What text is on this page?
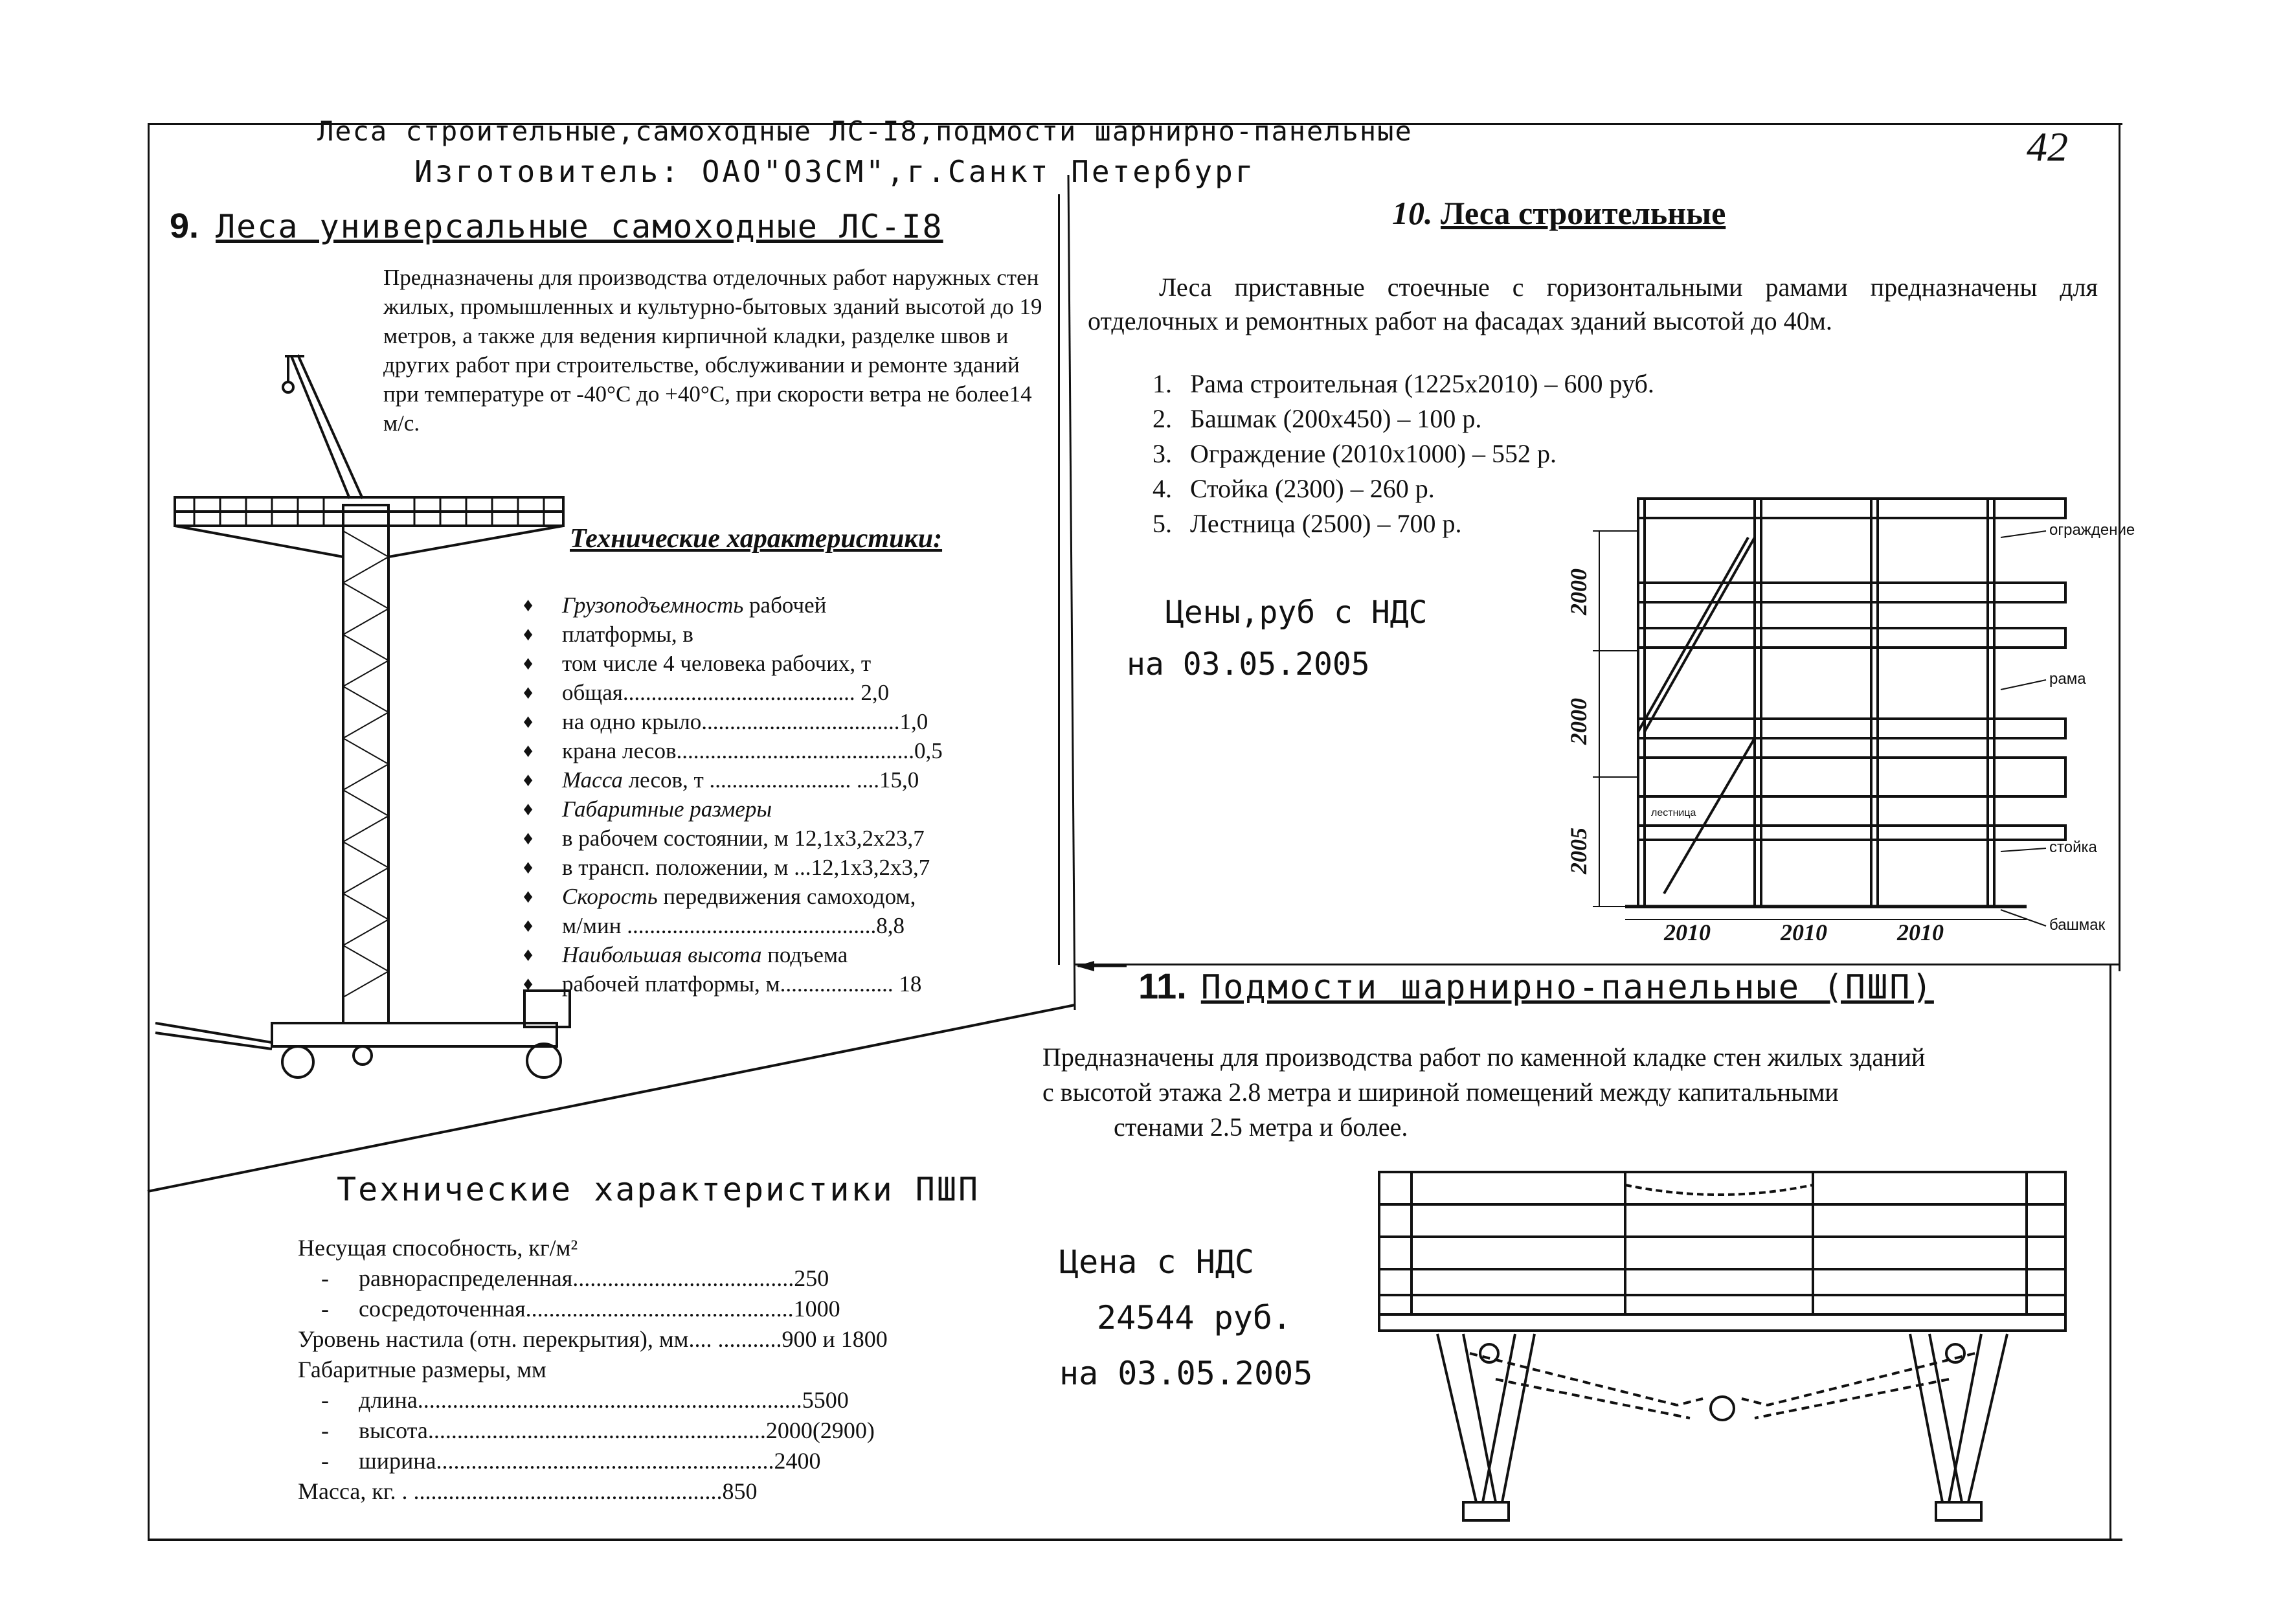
Леса строительные,самоходные ЛС-I8,подмости шарнирно-панельные
Изготовитель: ОАО"ОЗСМ",г.Санкт Петербург
42
9. Леса универсальные самоходные ЛС-I8
Предназначены для производства отделочных работ наружных стен жилых, промышленных и культурно-бытовых зданий высотой до 19 метров, а также для ведения кирпичной кладки, разделке швов и других работ при строительстве, обслуживании и ремонте зданий при температуре от -40°С до +40°С, при скорости ветра не более14 м/с.
Технические характеристики:
♦ Грузоподъемность рабочей
♦ платформы, в
♦ том числе 4 человека рабочих, т
♦ общая......................................... 2,0
♦ на одно крыло...................................1,0
♦ крана лесов..........................................0,5
♦ Масса лесов, т ......................... ....15,0
♦ Габаритные размеры
♦ в рабочем состоянии, м 12,1x3,2x23,7
♦ в трансп. положении, м ...12,1x3,2x3,7
♦ Скорость передвижения самоходом,
♦ м/мин ............................................8,8
♦ Наибольшая высота подъема
♦ рабочей платформы, м.................... 18
10. Леса строительные
Леса приставные стоечные с горизонтальными рамами предназначены для отделочных и ремонтных работ на фасадах зданий высотой до 40м.
1. Рама строительная (1225x2010) – 600 руб.
2. Башмак (200x450) – 100 р.
3. Ограждение (2010x1000) – 552 р.
4. Стойка (2300) – 260 р.
5. Лестница (2500) – 700 р.
Цены,руб с НДС
на 03.05.2005
ограждение
рама
лестница
стойка
башмак
2000
2000
2005
2010	2010	2010
11. Подмости шарнирно-панельные (ПШП)
Предназначены для производства работ по каменной кладке стен жилых зданий
с высотой этажа 2.8 метра и шириной помещений между капитальными

стенами 2.5 метра и более.
Цена с НДС
24544 руб.
на 03.05.2005
Технические характеристики ПШП
Несущая способность, кг/м²
- равнораспределенная......................................250
- сосредоточенная..............................................1000
Уровень настила (отн. перекрытия), мм.... ...........900 и 1800
Габаритные размеры, мм
- длина..................................................................5500
- высота..........................................................2000(2900)
- ширина..........................................................2400
Масса, кг. . .....................................................850
